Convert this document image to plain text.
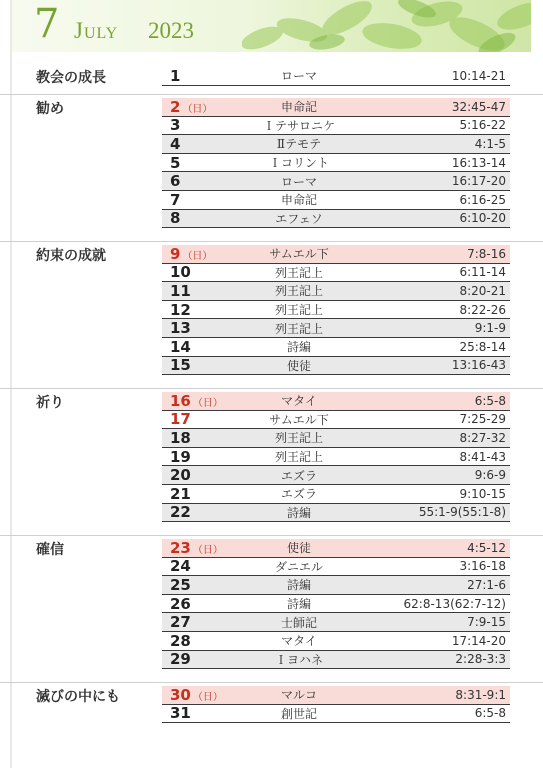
7 July 2023
教会の成長	1	ローマ	10:14-21
勧め	2 （日）	申命記	32:45-47
3	Ｉテサロニケ	5:16-22
4	Ⅱテモテ	4:1-5
5	Ｉコリント	16:13-14
6	ローマ	16:17-20
7	申命記	6:16-25
8	エフェソ	6:10-20
約束の成就	9 （日）	サムエル下	7:8-16
10	列王記上	6:11-14
11	列王記上	8:20-21
12	列王記上	8:22-26
13	列王記上	9:1-9
14	詩編	25:8-14
15	使徒	13:16-43
祈り	16 （日）	マタイ	6:5-8
17	サムエル下	7:25-29
18	列王記上	8:27-32
19	列王記上	8:41-43
20	エズラ	9:6-9
21	エズラ	9:10-15
22	詩編	55:1-9(55:1-8)
確信	23 （日）	使徒	4:5-12
24	ダニエル	3:16-18
25	詩編	27:1-6
26	詩編	62:8-13(62:7-12)
27	士師記	7:9-15
28	マタイ	17:14-20
29	Ｉヨハネ	2:28-3:3
滅びの中にも	30 （日）	マルコ	8:31-9:1
31	創世記	6:5-8
